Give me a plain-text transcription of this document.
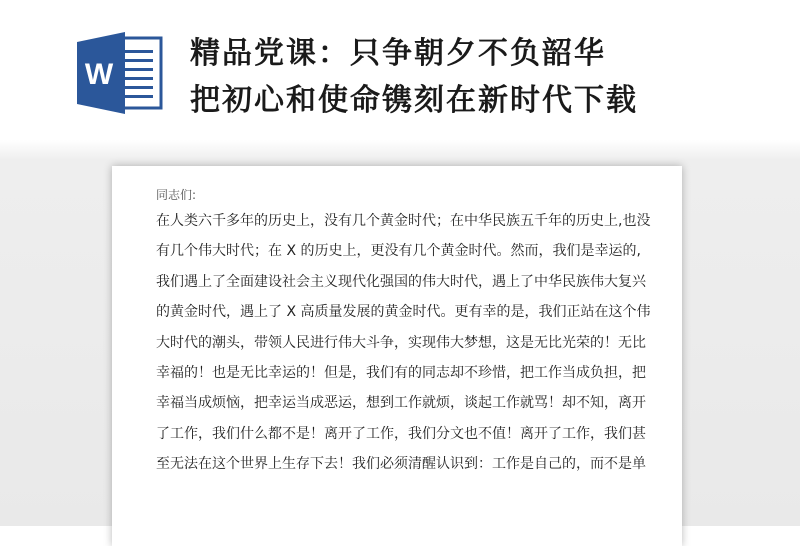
W
精品党课：只争朝夕不负韶华
把初心和使命镌刻在新时代下载

同志们:

在人类六千多年的历史上，没有几个黄金时代；在中华民族五千年的历史上,也没
有几个伟大时代；在 X 的历史上，更没有几个黄金时代。然而，我们是幸运的,
我们遇上了全面建设社会主义现代化强国的伟大时代，遇上了中华民族伟大复兴
的黄金时代，遇上了 X 高质量发展的黄金时代。更有幸的是，我们正站在这个伟
大时代的潮头，带领人民进行伟大斗争，实现伟大梦想，这是无比光荣的！无比
幸福的！也是无比幸运的！但是，我们有的同志却不珍惜，把工作当成负担，把
幸福当成烦恼，把幸运当成恶运，想到工作就烦，谈起工作就骂！却不知，离开
了工作，我们什么都不是！离开了工作，我们分文也不值！离开了工作，我们甚
至无法在这个世界上生存下去！我们必须清醒认识到：工作是自己的，而不是单
